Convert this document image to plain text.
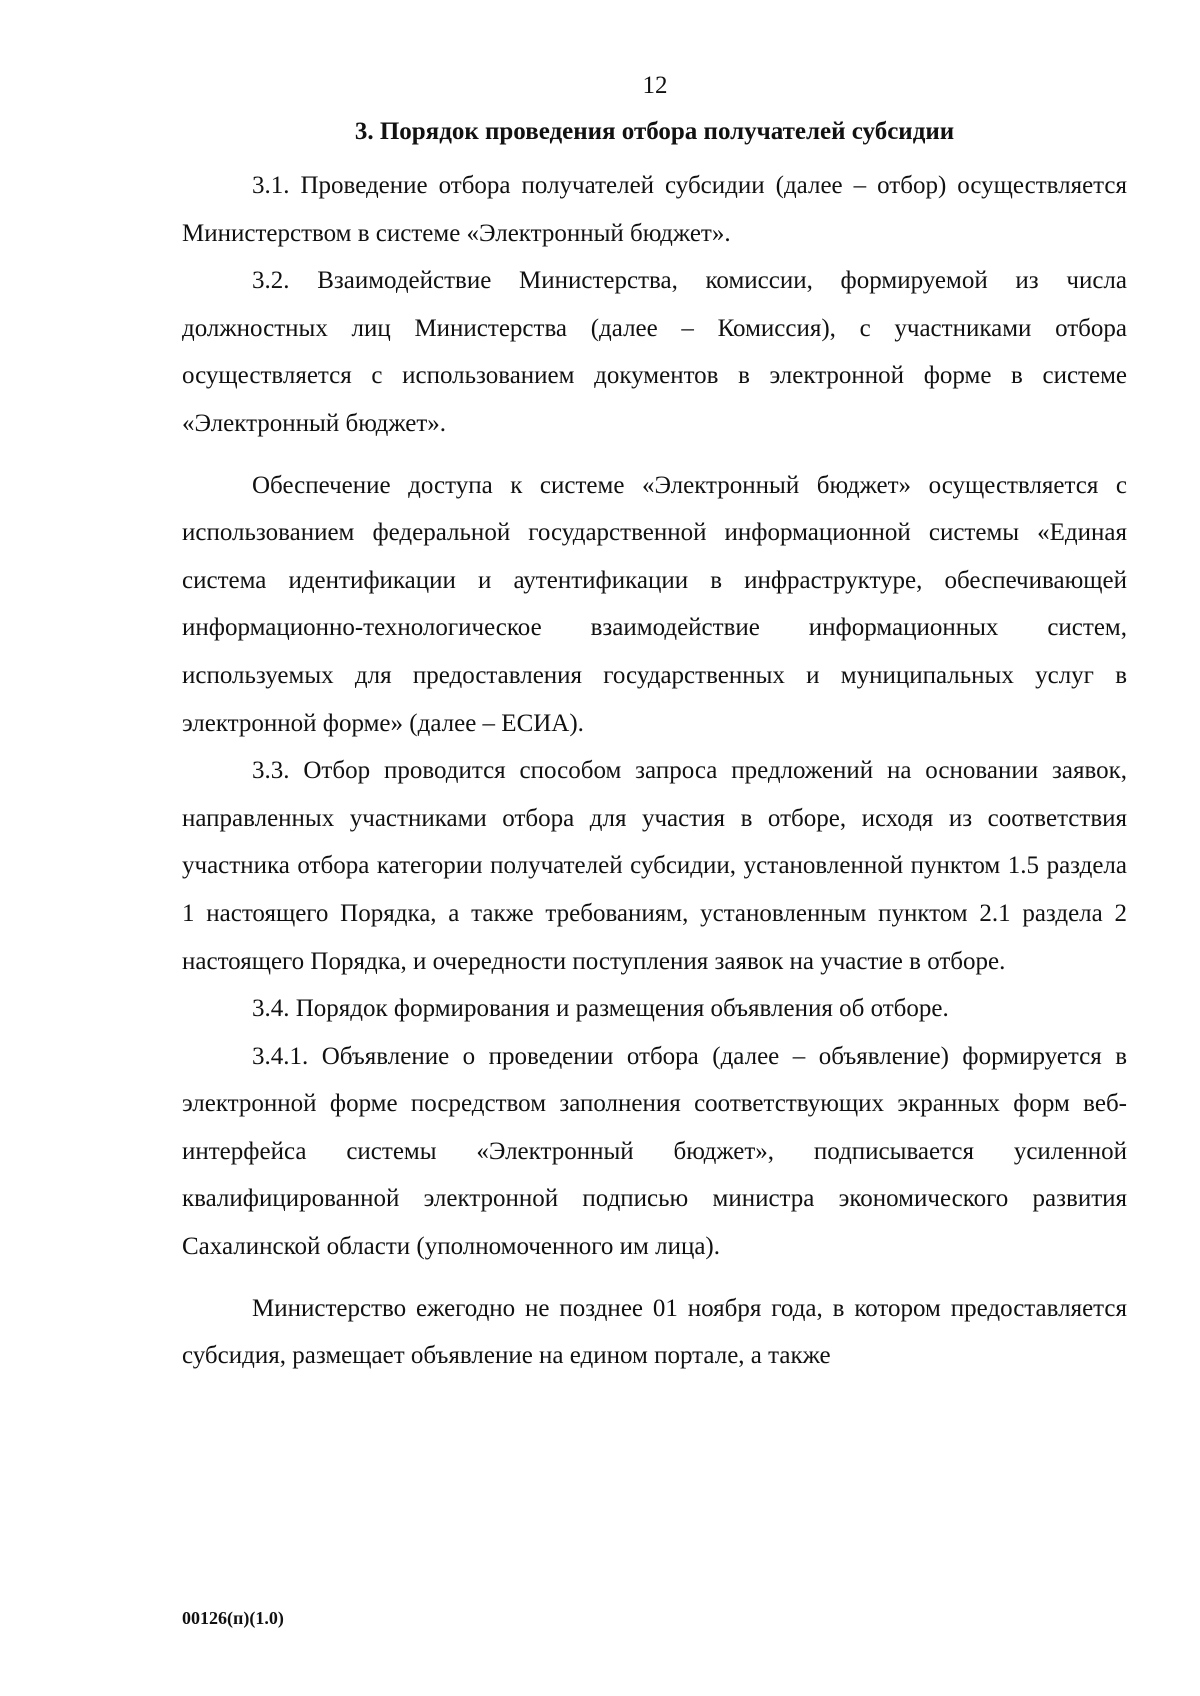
12
3. Порядок проведения отбора получателей субсидии

3.1. Проведение отбора получателей субсидии (далее – отбор) осуществляется Министерством в системе «Электронный бюджет».

3.2. Взаимодействие Министерства, комиссии, формируемой из числа должностных лиц Министерства (далее – Комиссия), с участниками отбора осуществляется с использованием документов в электронной форме в системе «Электронный бюджет».

Обеспечение доступа к системе «Электронный бюджет» осуществляется с использованием федеральной государственной информационной системы «Единая система идентификации и аутентификации в инфраструктуре, обеспечивающей информационно-технологическое взаимодействие информационных систем, используемых для предоставления государственных и муниципальных услуг в электронной форме» (далее – ЕСИА).

3.3. Отбор проводится способом запроса предложений на основании заявок, направленных участниками отбора для участия в отборе, исходя из соответствия участника отбора категории получателей субсидии, установленной пунктом 1.5 раздела 1 настоящего Порядка, а также требованиям, установленным пунктом 2.1 раздела 2 настоящего Порядка, и очередности поступления заявок на участие в отборе.

3.4. Порядок формирования и размещения объявления об отборе.

3.4.1. Объявление о проведении отбора (далее – объявление) формируется в электронной форме посредством заполнения соответствующих экранных форм веб-интерфейса системы «Электронный бюджет», подписывается усиленной квалифицированной электронной подписью министра экономического развития Сахалинской области (уполномоченного им лица).

Министерство ежегодно не позднее 01 ноября года, в котором предоставляется субсидия, размещает объявление на едином портале, а также

00126(п)(1.0)
